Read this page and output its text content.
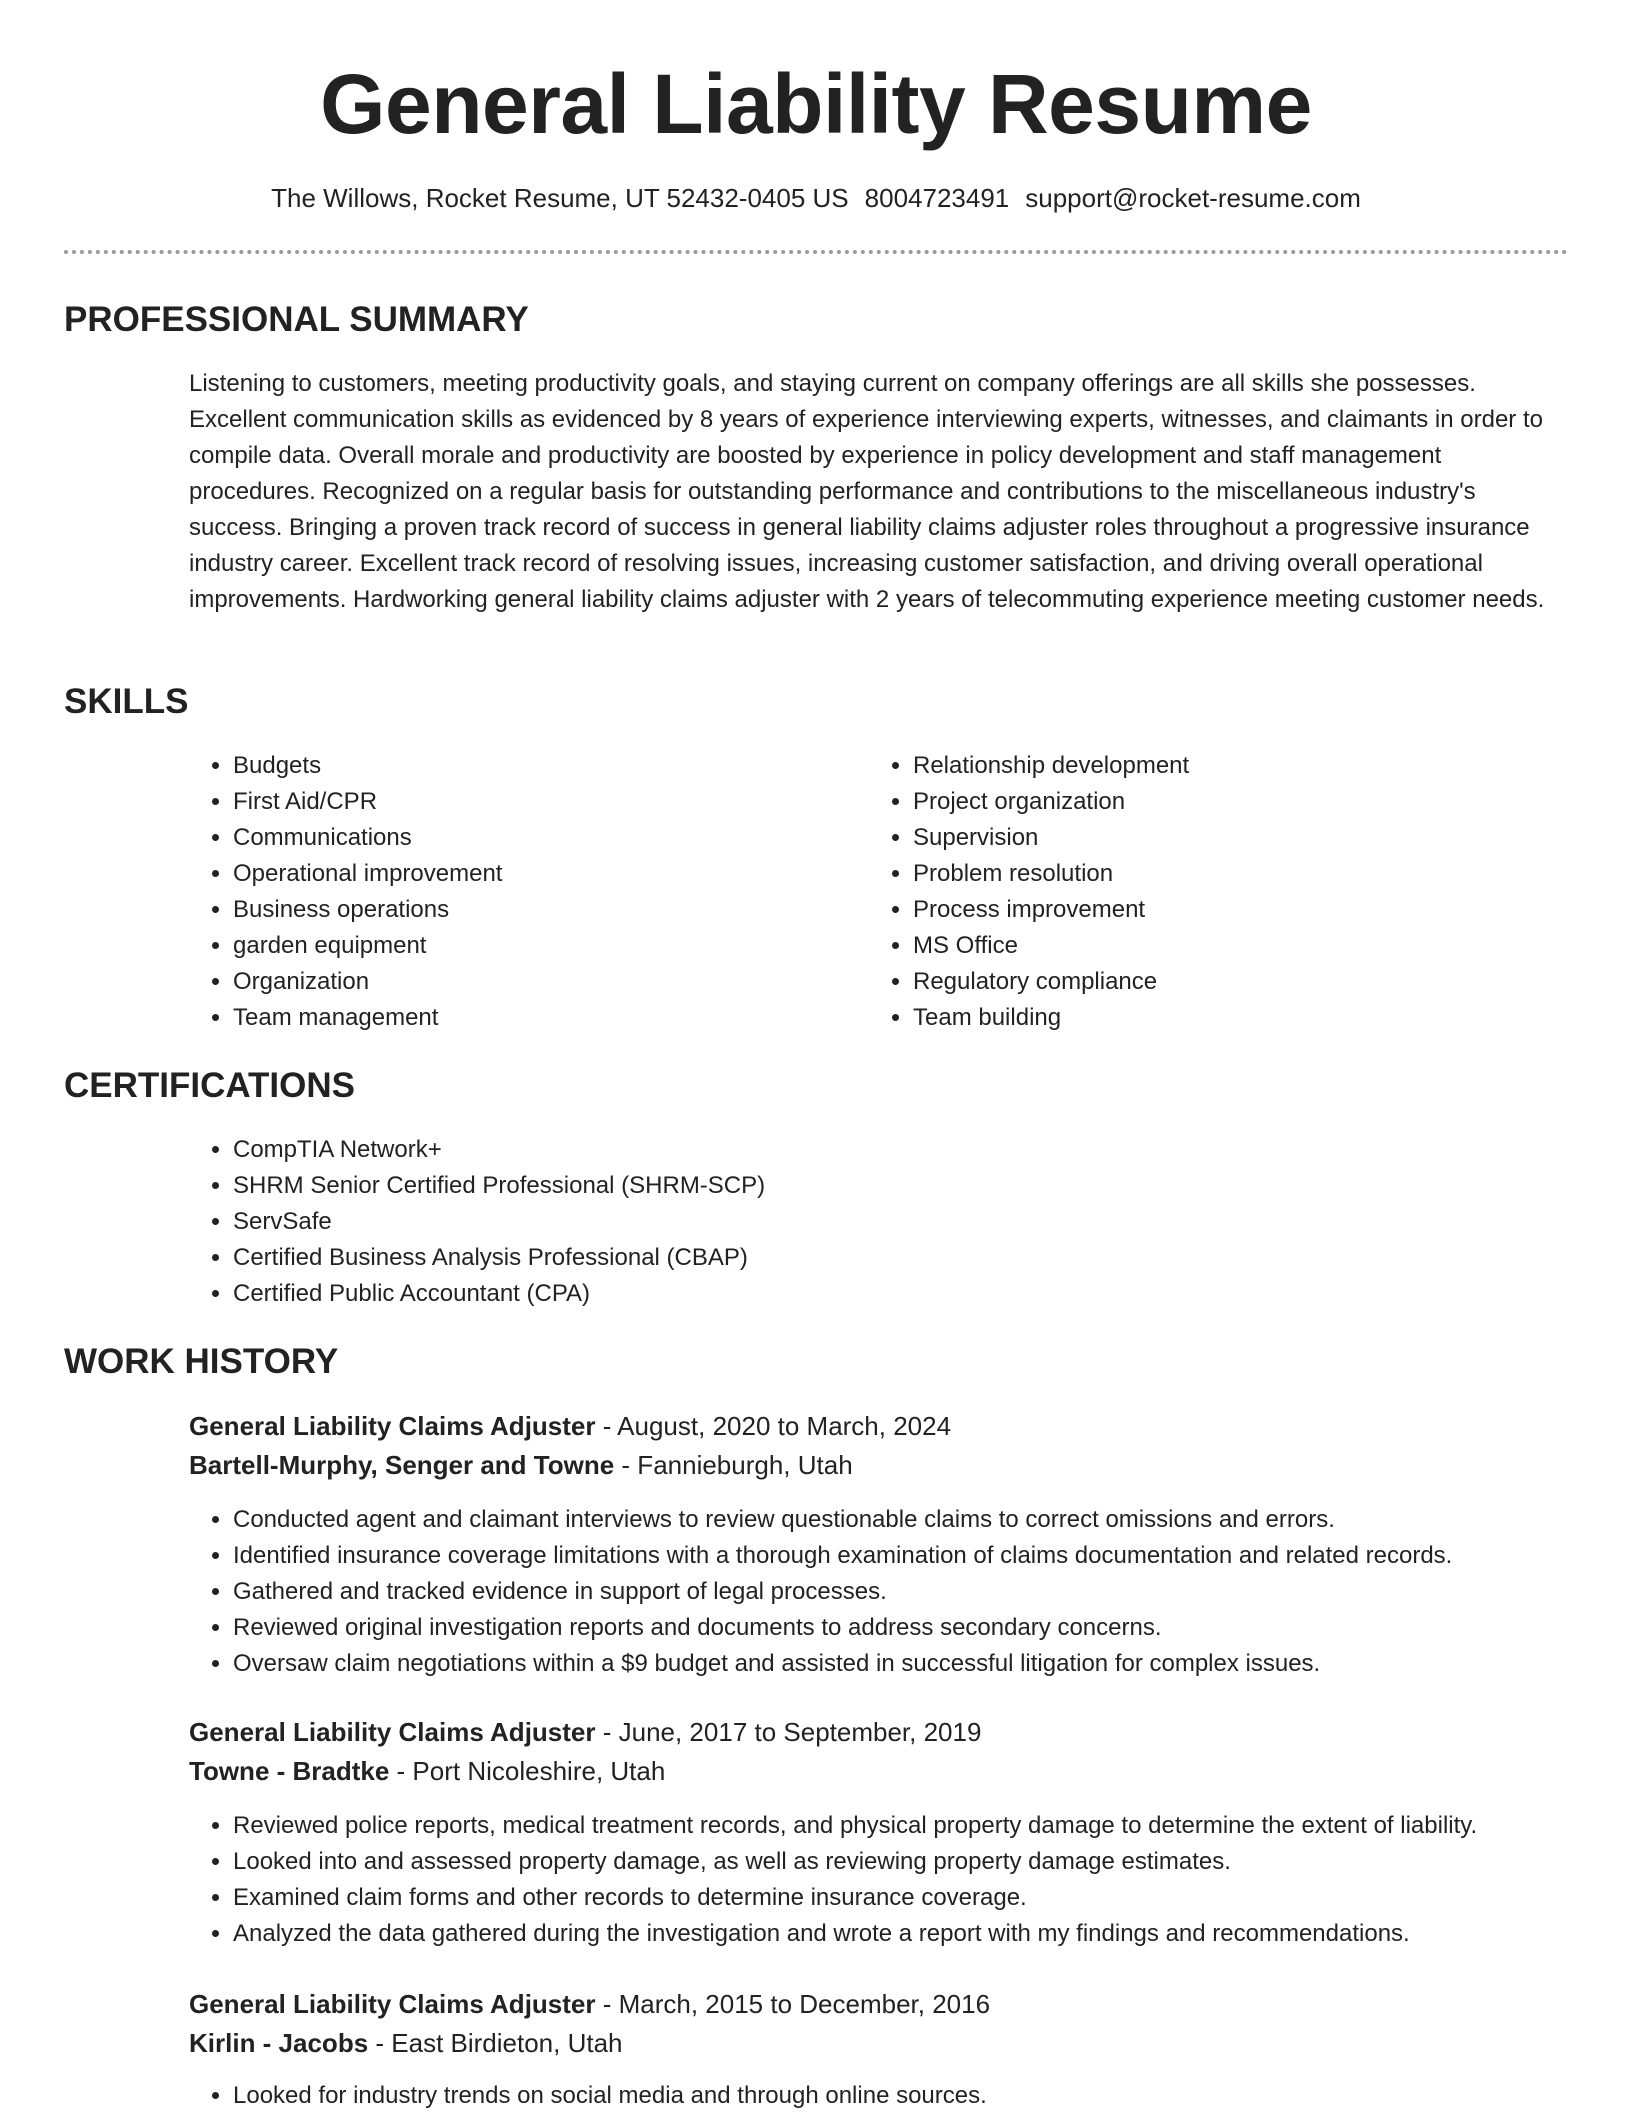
General Liability Resume
The Willows, Rocket Resume, UT 52432-0405 US 8004723491 support@rocket-resume.com
PROFESSIONAL SUMMARY

Listening to customers, meeting productivity goals, and staying current on company offerings are all skills she possesses. Excellent communication skills as evidenced by 8 years of experience interviewing experts, witnesses, and claimants in order to compile data. Overall morale and productivity are boosted by experience in policy development and staff management procedures. Recognized on a regular basis for outstanding performance and contributions to the miscellaneous industry's success. Bringing a proven track record of success in general liability claims adjuster roles throughout a progressive insurance industry career. Excellent track record of resolving issues, increasing customer satisfaction, and driving overall operational improvements. Hardworking general liability claims adjuster with 2 years of telecommuting experience meeting customer needs.

SKILLS
• Budgets
• First Aid/CPR
• Communications
• Operational improvement
• Business operations
• garden equipment
• Organization
• Team management
• Relationship development
• Project organization
• Supervision
• Problem resolution
• Process improvement
• MS Office
• Regulatory compliance
• Team building
CERTIFICATIONS
• CompTIA Network+
• SHRM Senior Certified Professional (SHRM-SCP)
• ServSafe
• Certified Business Analysis Professional (CBAP)
• Certified Public Accountant (CPA)
WORK HISTORY
General Liability Claims Adjuster - August, 2020 to March, 2024
Bartell-Murphy, Senger and Towne - Fannieburgh, Utah
• Conducted agent and claimant interviews to review questionable claims to correct omissions and errors.
• Identified insurance coverage limitations with a thorough examination of claims documentation and related records.
• Gathered and tracked evidence in support of legal processes.
• Reviewed original investigation reports and documents to address secondary concerns.
• Oversaw claim negotiations within a $9 budget and assisted in successful litigation for complex issues.
General Liability Claims Adjuster - June, 2017 to September, 2019
Towne - Bradtke - Port Nicoleshire, Utah
• Reviewed police reports, medical treatment records, and physical property damage to determine the extent of liability.
• Looked into and assessed property damage, as well as reviewing property damage estimates.
• Examined claim forms and other records to determine insurance coverage.
• Analyzed the data gathered during the investigation and wrote a report with my findings and recommendations.
General Liability Claims Adjuster - March, 2015 to December, 2016
Kirlin - Jacobs - East Birdieton, Utah
• Looked for industry trends on social media and through online sources.
